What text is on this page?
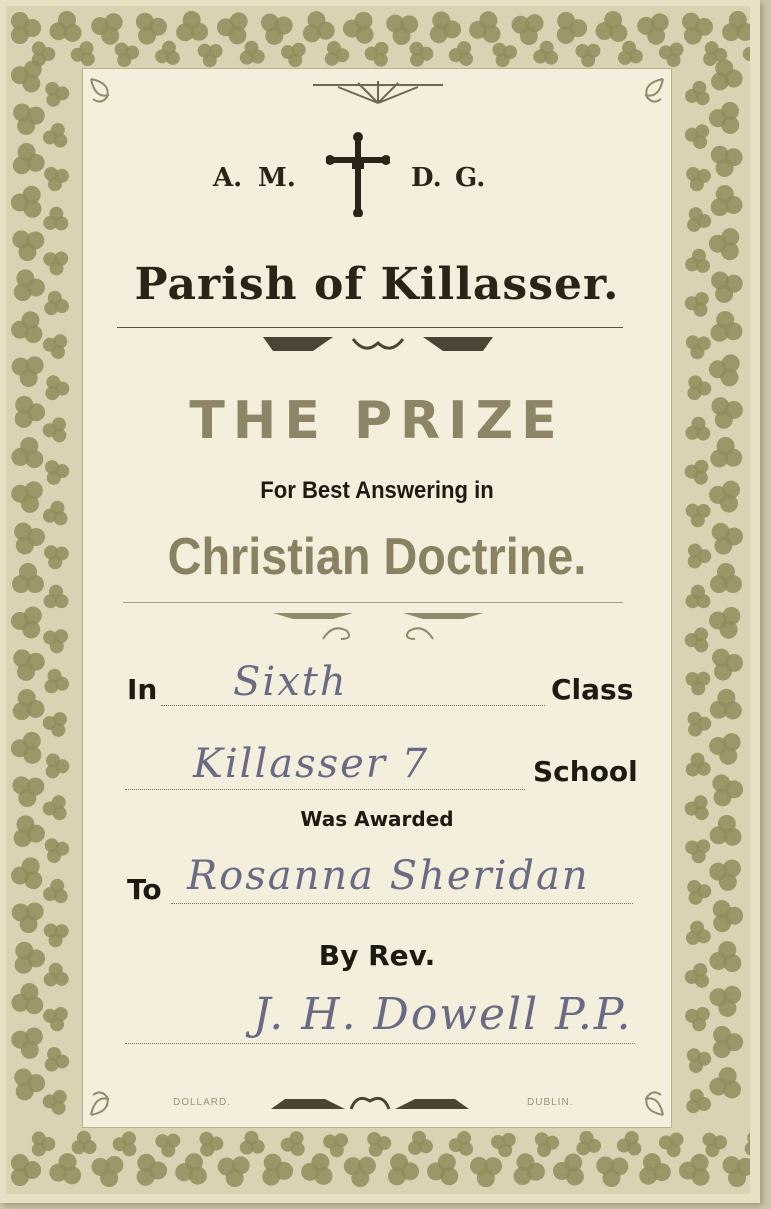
A. M.	D. G.
Parish of Killasser.
THE PRIZE
For Best Answering in
Christian Doctrine.
In Sixth	Class
Killasser 7	School
Was Awarded
To Rosanna Sheridan
By Rev.
J. H. Dowell P.P.
DOLLARD.	DUBLIN.
